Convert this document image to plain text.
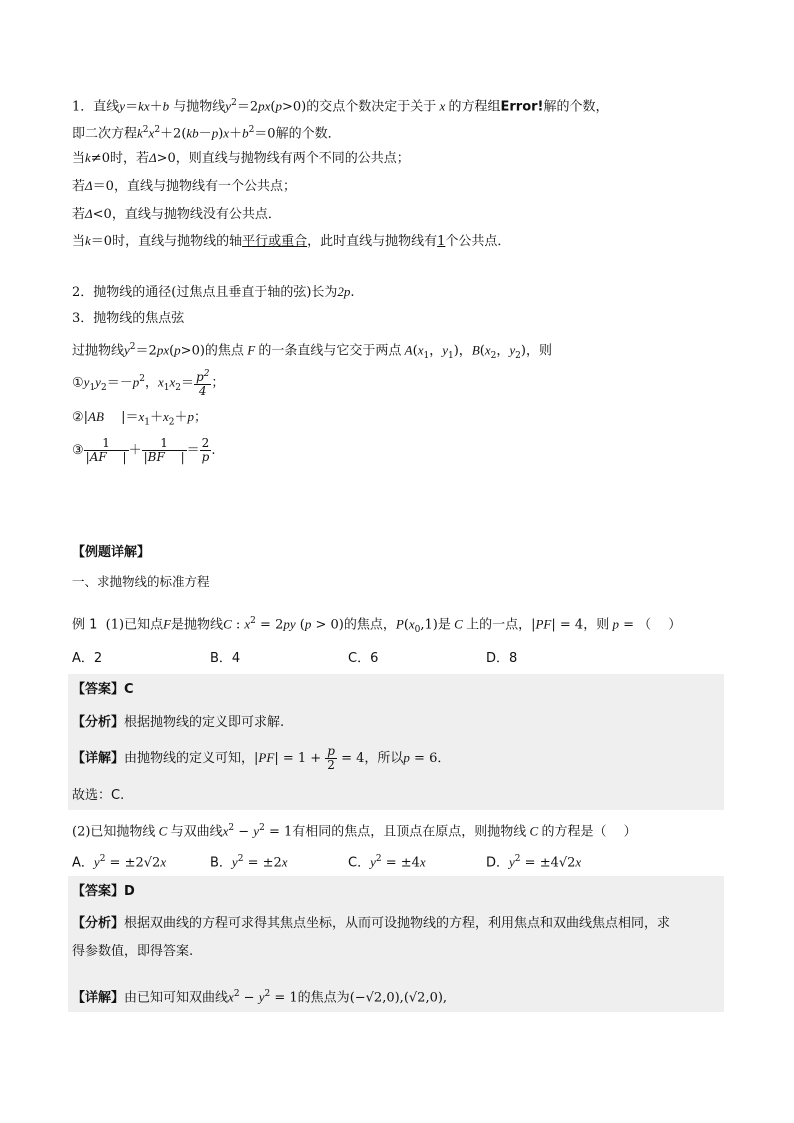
1．直线y＝kx＋b 与抛物线$y^2=2px(p>0)$的交点个数决定于关于 x 的方程组Error!解的个数，
即二次方程$k^2x^2+2(kb-p)x+b^2=0$解的个数．
当k≠0时，若Δ>0，则直线与抛物线有两个不同的公共点；
若Δ＝0，直线与抛物线有一个公共点；
若Δ<0，直线与抛物线没有公共点．
当k＝0时，直线与抛物线的轴平行或重合，此时直线与抛物线有1个公共点．
2．抛物线的通径(过焦点且垂直于轴的弦)长为2p.
3．抛物线的焦点弦
过抛物线$y^2=2px(p>0)$的焦点 F 的一条直线与它交于两点 $A(x_1$，$y_1$)，$B(x_2$，$y_2$)，则
$①y_1y_2=-p^2$，$x_1x_2= \frac{p^2}{4}$ ；
②|AB　 $|=x_1+x_2+p$；
③ $\frac{1}{|AF |} + \frac{1}{|BF |} = \frac{2}{p}$ .
【例题详解】
一、求抛物线的标准方程
例 1 (1)已知点F是抛物线C : $x^2 = 2py$ (p > 0)的焦点，$P(x_0,1)$是 C 上的一点，|PF| = 4，则 p = （　 ）
A．2	B．4	C．6	D．8
【答案】C
【分析】根据抛物线的定义即可求解.
【详解】由抛物线的定义可知，$|PF| = 1 + \frac{p}{2} = 4$，所以p = 6．
故选：C.
(2)已知抛物线 C 与双曲线$x^2 - y^2 = 1$有相同的焦点，且顶点在原点，则抛物线 C 的方程是（　 ）
A．$y^2 = \pm 2√2x$	B．$y^2 = \pm 2x$	C．$y^2 = \pm 4x$	D．$y^2 = \pm 4√2x$
【答案】D
【分析】根据双曲线的方程可求得其焦点坐标，从而可设抛物线的方程，利用焦点和双曲线焦点相同，求
得参数值，即得答案.
【详解】由已知可知双曲线$x^2 - y^2 = 1$的焦点为(−√2,0),(√2,0),
